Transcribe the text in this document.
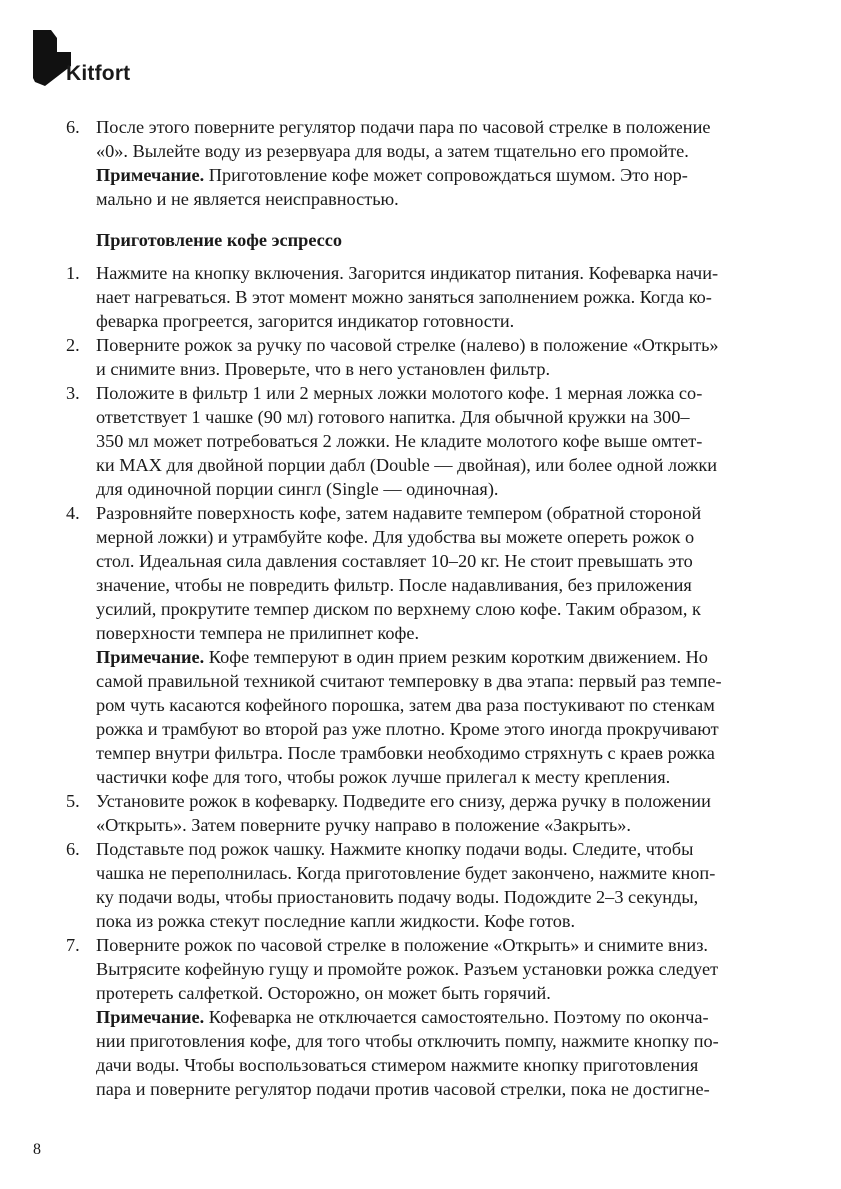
Kitfort
6. После этого поверните регулятор подачи пара по часовой стрелке в положение
«0». Вылейте воду из резервуара для воды, а затем тщательно его промойте.
Примечание. Приготовление кофе может сопровождаться шумом. Это нор-
мально и не является неисправностью.
Приготовление кофе эспрессо
1. Нажмите на кнопку включения. Загорится индикатор питания. Кофеварка начи-
нает нагреваться. В этот момент можно заняться заполнением рожка. Когда ко-
феварка прогреется, загорится индикатор готовности.
2. Поверните рожок за ручку по часовой стрелке (налево) в положение «Открыть»
и снимите вниз. Проверьте, что в него установлен фильтр.
3. Положите в фильтр 1 или 2 мерных ложки молотого кофе. 1 мерная ложка со-
ответствует 1 чашке (90 мл) готового напитка. Для обычной кружки на 300–
350 мл может потребоваться 2 ложки. Не кладите молотого кофе выше омтет-
ки MAX для двойной порции дабл (Double — двойная), или более одной ложки
для одиночной порции сингл (Single — одиночная).
4. Разровняйте поверхность кофе, затем надавите темпером (обратной стороной
мерной ложки) и утрамбуйте кофе. Для удобства вы можете опереть рожок о
стол. Идеальная сила давления составляет 10–20 кг. Не стоит превышать это
значение, чтобы не повредить фильтр. После надавливания, без приложения
усилий, прокрутите темпер диском по верхнему слою кофе. Таким образом, к
поверхности темпера не прилипнет кофе.
Примечание. Кофе темперуют в один прием резким коротким движением. Но
самой правильной техникой считают темперовку в два этапа: первый раз темпе-
ром чуть касаются кофейного порошка, затем два раза постукивают по стенкам
рожка и трамбуют во второй раз уже плотно. Кроме этого иногда прокручивают
темпер внутри фильтра. После трамбовки необходимо стряхнуть с краев рожка
частички кофе для того, чтобы рожок лучше прилегал к месту крепления.
5. Установите рожок в кофеварку. Подведите его снизу, держа ручку в положении
«Открыть». Затем поверните ручку направо в положение «Закрыть».
6. Подставьте под рожок чашку. Нажмите кнопку подачи воды. Следите, чтобы
чашка не переполнилась. Когда приготовление будет закончено, нажмите кноп-
ку подачи воды, чтобы приостановить подачу воды. Подождите 2–3 секунды,
пока из рожка стекут последние капли жидкости. Кофе готов.
7. Поверните рожок по часовой стрелке в положение «Открыть» и снимите вниз.
Вытрясите кофейную гущу и промойте рожок. Разъем установки рожка следует
протереть салфеткой. Осторожно, он может быть горячий.
Примечание. Кофеварка не отключается самостоятельно. Поэтому по оконча-
нии приготовления кофе, для того чтобы отключить помпу, нажмите кнопку по-
дачи воды. Чтобы воспользоваться стимером нажмите кнопку приготовления
пара и поверните регулятор подачи против часовой стрелки, пока не достигне-
8
